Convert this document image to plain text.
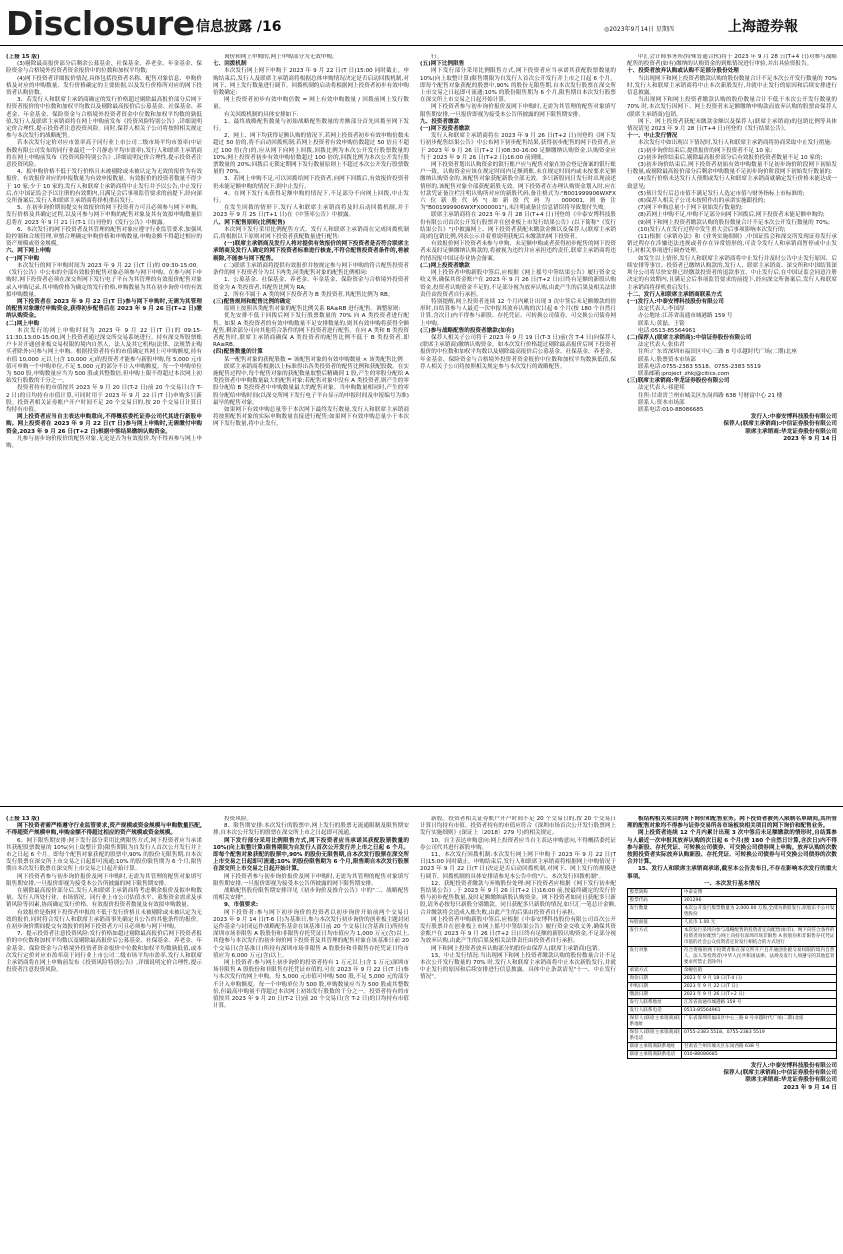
Disclosure 信息披露 /16	◎2023年9月14日 星期四	上海證券報

(上接 15 版)

(3)剔除最高报价部分后剩余公募基金、社保基金、养老金、年金基金、保险资金与合格境外投资者资金报价中的位数和加权平均数;

(4)网下投资者详细报价情况,具体包括投资者名称、配售对象信息、申购价格及对应的申购数量、发行价格确定的主要依据,以及发行价格所对应的网下投资者认购倍数。

3、若发行人和联席主承销商确定的发行价格超过剔除最高报价部分后网下投资者报价的中位数和加权平均数以及剔除最高报价后公募基金、社保基金、养老金、年金基金、保险资金与合格境外投资者资金中位数和加权平均数的孰低值,发行人及联席主承销商将在网上申购前发布《投资风险特别公告》,详细说明定价合理性,提示投资者注意投资风险。同时,保荐人相关子公司将按照相关规定参与本次发行的战略配售。

若本次发行定价对应市盈率高于同行业上市公司二级市场平均市盈率(中证指数有限公司发布的同行业最近一个月静态平均市盈率),发行人和联席主承销商将在网上申购前发布《投资风险特别公告》,详细说明定价合理性,提示投资者注意投资风险。

4、拟申购价格不低于发行价格且未被剔除或未被认定为无效的报价为有效报价。有效报价对应的申报数量为有效申报数量。有效报价的投资者数量不得少于 10 家;少于 10 家的,发行人和联席主承销商将中止发行并予以公告,中止发行后,在中国证监会予以注册的有效期内,且满足会后事项监管要求的前提下,经向深交所备案后,发行人和联席主承销商将择机重启发行。

5、在初步询价期间提交有效报价的网下投资者方可且必须参与网下申购。发行价格及其确定过程,以及可参与网下申购的配售对象及其有效拟申购数量信息将在 2023 年 9 月 21 日(T-1 日)刊登的《发行公告》中披露。

6、本次发行的网下投资者及其管理的配售对象应遵守行业监管要求,加强风险控制和合规管理,审慎合理确定申购价格和申购数量,申购金额不得超过相应的资产规模或资金规模。

六、网下网上申购

(一)网下申购

本次发行的网下申购时间为 2023 年 9 月 22 日(T 日)的 09:30-15:00。《发行公告》中公布的全部有效报价配售对象必须参与网下申购。在参与网下申购时,网下投资者必须在深交所网下发行电子平台为其管理的有效报价配售对象录入申购记录,其申购价格为确定的发行价格,申购数量为其在初步询价中的有效拟申购数量。

网下投资者在 2023 年 9 月 22 日(T 日)参与网下申购时,无需为其管理的配售对象缴付申购资金,获得初步配售后在 2023 年 9 月 26 日(T+2 日)缴纳认购资金。

(二)网上申购

本次发行的网上申购时间为 2023 年 9 月 22 日(T 日)的 09:15-11:30,13:00-15:00,网上投资者通过深交所交易系统进行。持有深交所股票账户卡并开通创业板交易权限的境内自然人、法人及其它机构(法律、法规禁止购买者除外)可参与网上申购。根据投资者持有的市值确定其网上可申购额度,持有市值 10,000 元以上(含 10,000 元)的投资者才能参与新股申购,每 5,000 元市值可申购一个申购单位,不足 5,000 元的部分不计入申购额度。每一个申购单位为 500 股,申购数量应当为 500 股或其整数倍,但申购上限不得超过本次网上初始发行股数的千分之一。

投资者持有的市值按其 2023 年 9 月 20 日(T-2 日)前 20 个交易日(含 T-2 日)的日均持有市值计算,可同时用于 2023 年 9 月 22 日(T 日)申购多只新股。投资者相关证券账户开户时间不足 20 个交易日的,按 20 个交易日计算日均持有市值。

网上投资者应当自主表达申购意向,不得概括委托证券公司代其进行新股申购。网上投资者在 2023 年 9 月 22 日(T 日)参与网上申购时,无需缴付申购资金,2023 年 9 月 26 日(T+2 日)根据中签结果缴纳认购资金。

凡参与初步询价报价的配售对象,无论是否为有效报价,均不得再参与网上申购。

询价和网上申购的,网上申购部分为无效申购。

七、回拨机制

本次发行网上网下申购于 2023 年 9 月 22 日(T 日)15:00 同时截止。申购结束后,发行人及联席主承销商将根据总体申购情况决定是否启动回拨机制,对网下、网上发行数量进行调节。回拨机制的启动将根据网上投资者初步有效申购倍数确定:

网上投资者初步有效申购倍数 = 网上有效申购数量 / 回拨前网上发行数量。

有关回拨机制的具体安排如下:

1、最终战略配售数量与初始战略配售数量的差额部分首先回拨至网下发行。

2、网上、网下均获得足额认购的情况下,若网上投资者初步有效申购倍数未超过 50 倍的,将不启动回拨机制;若网上投资者有效申购倍数超过 50 倍且不超过 100 倍(含)的,应从网下向网上回拨,回拨比例为本次公开发行股票数量的 10%;网上投资者初步有效申购倍数超过 100 倍的,回拨比例为本次公开发行股票数量的 20%;回拨后无锁定期网下发行数量原则上不超过本次公开发行股票数量的 70%。

3、若网上申购不足,可以回拨给网下投资者,向网下回拨后,有效报价投资者仍未能足额申购的情况下,则中止发行。

4、在网下发行未获得足额申购的情况下,不足部分不向网上回拨,中止发行。

在发生回拨的情形下,发行人和联席主承销商将及时启动回拨机制,并于 2023 年 9 月 25 日(T+1 日)在《中签率公告》中披露。

八、网下配售原则(比例配售)

本次网下发行采用比例配售方式。发行人和联席主承销商在完成回拨机制后,将根据以下原则对网下投资者获配数量进行配售:

(一)联席主承销商及发行人将对提供有效报价的网下投资者是否符合联席主承销商及发行人确定的网下投资者标准进行核查,不符合配售投资者条件的,将被剔除,不能参与网下配售。

(二)联席主承销商将提供有效报价并按规定参与网下申购的符合配售投资者条件的网下投资者分为以下两类,同类配售对象的配售比例相同:

1、公募基金、社保基金、养老金、年金基金、保险资金与合格境外投资者资金为 A 类投资者,其配售比例为 RA;

2、所有不属于 A 类的网下投资者为 B 类投资者,其配售比例为 RB。

(三)配售规则和配售比例的确定

原则上按照各类配售对象的配售比例关系 RA≥RB 进行配售。调整原则:

优先安排不低于回拨后网下发行股票数量的 70% 向 A 类投资者进行配售。如果 A 类投资者的有效申购数量不足安排数量的,则其有效申购将获得全额配售,剩余部分可向其他符合条件的网下投资者进行配售。在向 A 类和 B 类投资者配售时,联席主承销商确保 A 类投资者的配售比例不低于 B 类投资者,即 RA≥RB。

(四)配售数量的计算

某一配售对象的获配股数 = 该配售对象的有效申购数量 × 该类配售比例

联席主承销商将根据以上标准得出各类投资者的配售比例和获配股数。在实施配售过程中,每个配售对象的获配数量取整后精确到 1 股,产生的零股分配给 A 类投资者中申购数量最大的配售对象;若配售对象中没有 A 类投资者,则产生的零股分配给 B 类投资者中申购数量最大的配售对象。当申购数量相同时,产生的零股分配给申购时间(以深交所网下发行电子平台显示的申报时间及申报编号为准)最早的配售对象。

如果网下有效申购总量等于本次网下最终发行数量,发行人和联席主承销商将按照配售对象的实际申购数量直接进行配售;如果网下有效申购总量小于本次网下发行数量,将中止发行。

行。

(五)网下比例限售

网下发行部分采用比例限售方式,网下投资者应当承诺其获配股票数量的 10%(向上取整计算)限售期限为自发行人首次公开发行并上市之日起 6 个月。即每个配售对象获配的股票中,90% 的股份无限售期,自本次发行股票在深交所上市交易之日起即可流通;10% 的股份限售期为 6 个月,限售期自本次发行股票在深交所上市交易之日起开始计算。

网下投资者参与初步询价报价及网下申购时,无需为其管理的配售对象填写限售期安排,一旦报价即视为接受本公告所披露的网下限售期安排。

九、投资者缴款

(一)网下投资者缴款

发行人和联席主承销商将在 2023 年 9 月 26 日(T+2 日)刊登的《网下发行初步配售结果公告》中公布网下初步配售结果,获得初步配售的网下投资者,应于 2023 年 9 月 26 日(T+2 日)08:30-16:00 足额缴纳认购资金,认购资金应当于 2023 年 9 月 26 日(T+2 日)16:00 前到账。

网下投资者划出认购资金的银行账户应与配售对象在协会登记备案的银行账户一致。认购资金应该在规定时间内足额到账,未在规定时间内或未按要求足额缴纳认购资金的,该配售对象获配新股全部无效。多只新股同日发行时出现前述情形的,该配售对象全部获配新股无效。网下投资者在办理认购资金划入时,应在付款凭证备注栏注明认购所对应的新股代码,备注格式为:"B001999906WXFX 六位新股代码"(如新股代码为 000001,则备注为"B001999906WXFX000001"),未注明或备注信息错误将导致划付失败。

联席主承销商将在 2023 年 9 月 28 日(T+4 日)刊登的《中泰安博科技股份有限公司首次公开发行股票并在创业板上市发行结果公告》(以下简称"《发行结果公告》")中披露网上、网下投资者获配未缴款金额以及保荐人(联席主承销商)的包销比例,列表公示并着重说明获配后未缴款的网下投资者。

有效报价网下投资者未参与申购、未足额申购或者获得初步配售的网下投资者未及时足额缴纳认购款的,将被视为违约并应承担违约责任,联席主承销商将违约情况报中国证券业协会备案。

(二)网上投资者缴款

网上投资者申购新股中签后,应根据《网上摇号中签结果公告》履行资金交收义务,确保其资金账户在 2023 年 9 月 26 日(T+2 日)日终有足额的新股认购资金,投资者认购资金不足的,不足部分视为放弃认购,由此产生的后果及相关法律责任由投资者自行承担。

特别提醒,网上投资者连续 12 个月内累计出现 3 次中签后未足额缴款的情形时,自结算参与人最近一次申报其放弃认购的次日起 6 个月(按 180 个自然日计算,含次日)内不得参与新股、存托凭证、可转换公司债券、可交换公司债券网上申购。

(三)参与战略配售的投资者缴款(如有)

保荐人相关子公司将于 2023 年 9 月 19 日(T-3 日)前(含 T-4 日)向保荐人(联席主承销商)缴纳认购资金。如本次发行价格超过剔除最高报价后网下投资者报价的中位数和加权平均数以及剔除最高报价后公募基金、社保基金、养老金、年金基金、保险资金与合格境外投资者资金报价中位数和加权平均数孰低值,保荐人相关子公司将按照相关规定参与本次发行的战略配售。

中汇会计师事务所(特殊普通合伙)将于 2023 年 9 月 28 日(T+4 日)对参与战略配售的投资者(如有)缴纳的认购资金的到账情况进行审验,并出具验资报告。

十、投资者放弃认购或认购不足部分股份处理

当出现网下和网上投资者缴款认购的股份数量合计不足本次公开发行数量的 70% 时,发行人和联席主承销商将中止本次新股发行,并就中止发行的原因和后续安排进行信息披露。

当出现网下和网上投资者缴款认购的股份数量合计不低于本次公开发行数量的 70% 时,本次发行因网下、网上投资者未足额缴纳申购款而放弃认购的股票由保荐人(联席主承销商)包销。

网下、网上投资者获配未缴款金额以及保荐人(联席主承销商)的包销比例等具体情况请见 2023 年 9 月 28 日(T+4 日)刊登的《发行结果公告》。

十一、中止发行情况

本次发行中如出现以下情况时,发行人和联席主承销商将协商采取中止发行措施:

(1)初步询价结束后,提供报价的网下投资者不足 10 家;

(2)初步询价结束后,剔除最高报价部分后有效报价投资者数量不足 10 家的;

(3)初步询价结束后,网下投资者初始有效申购数量不足初步询价阶段网下初始发行数量,或剔除最高报价部分后剩余申购数量不足初步询价阶段网下初始发行数量的;

(4)发行价格未达发行人预期或发行人和联席主承销商就确定发行价格未能达成一致意见;

(5)预计发行后总市值不满足发行人选定市值与财务指标上市标准的;

(6)保荐人相关子公司未按照作出的承诺实施跟投的;

(7)网下申购总量小于网下初始发行数量的;

(8)若网上申购不足,申购不足部分向网下回拨后,网下投资者未能足额申购的;

(9)网下和网上投资者缴款认购的股份数量合计不足本次公开发行数量的 70%;

(10)发行人在发行过程中发生重大会后事项影响本次发行的;

(11)根据《承销办法》和《业务实施细则》,中国证监会和深交所发现证券发行承销过程存在涉嫌违法违规或者存在异常情形的,可责令发行人和承销商暂停或中止发行,对相关事项进行调查处理。

如发生以上情形,发行人和联席主承销商将中止发行并及时公告中止发行原因、后续安排等事宜。投资者已缴纳认购款的,发行人、联席主承销商、深交所和中国结算深圳分公司将尽快安排已经缴款投资者的退款事宜。中止发行后,在中国证监会同意注册决定的有效期内,且满足会后事项监管要求的前提下,经向深交所备案后,发行人和联席主承销商将择机重启发行。

十二、发行人和联席主承销商联系方式

(一)发行人:中泰安博科技股份有限公司

法定代表人:李国厚

办公地址:江苏省南通市城港路 159 号

联系人:黄磊、王铭

电话:0513-85564961

(二)保荐人(联席主承销商):中信证券股份有限公司

法定代表人:张佑君

住所:广东省深圳市福田区中心三路 8 号卓越时代广场(二期)北座

联系人:股票资本市场部

联系电话:0755-2383 5518、0755-2383 5519

联系邮箱:project_zhkj@citics.com

(三)联席主承销商:华龙证券股份有限公司

法定代表人:祁建邦

住所:甘肃省兰州市城关区东岗西路 638 号财富中心 21 楼

联系人:资本市场部

联系电话:010-88086685

发行人:中泰安博科技股份有限公司

保荐人(联席主承销商):中信证券股份有限公司

联席主承销商:华龙证券股份有限公司

2023 年 9 月 14 日

(上接 13 版)

网下投资者需严格遵守行业监管要求,资产规模或资金规模与申购数量匹配,不得超资产规模申购,申购金额不得超过相应的资产规模或资金规模。

6、网下限售期安排:网下发行部分采用比例限售方式,网下投资者应当承诺其获配股票数量的 10%(向上取整计算)限售期限为自发行人首次公开发行并上市之日起 6 个月。即每个配售对象获配的股票中,90% 的股份无限售期,自本次发行股票在深交所上市交易之日起即可流通;10% 的股份限售期为 6 个月,限售期自本次发行股票在深交所上市交易之日起开始计算。

网下投资者参与初步询价报价及网下申购时,无需为其管理的配售对象填写限售期安排,一旦报价即视为接受本公告所披露的网下限售期安排。

在剔除最高报价部分后,发行人和联席主承销商将考虑剩余报价及拟申购数量、发行人所处行业、市场情况、同行业上市公司估值水平、募集资金需求及承销风险等因素,协商确定发行价格、有效报价投资者数量及有效拟申购数量。

有效报价是指网下投资者申报的不低于发行价格且未被剔除或未被认定为无效的报价,同时符合发行人和联席主承销商事先确定且公告的其他条件的报价。在初步询价期间提交有效报价的网下投资者方可且必须参与网下申购。

7、提示投资者注意投资风险:发行价格如超过剔除最高报价后网下投资者报价的中位数和加权平均数以及剔除最高报价后公募基金、社保基金、养老金、年金基金、保险资金与合格境外投资者资金报价中位数和加权平均数孰低值,或本次发行定价对应市盈率高于同行业上市公司二级市场平均市盈率,发行人和联席主承销商将在网上申购前发布《投资风险特别公告》,详细说明定价合理性,提示投资者注意投资风险。

投资风险。

8、限售期安排:本次发行的股票中,网上发行的股票无流通限制及限售期安排,自本次公开发行的股票在深交所上市之日起即可流通。

网下发行部分采用比例限售方式,网下投资者应当承诺其获配股票数量的 10%(向上取整计算)限售期限为自发行人首次公开发行并上市之日起 6 个月。即每个配售对象获配的股票中,90% 的股份无限售期,自本次发行股票在深交所上市交易之日起即可流通;10% 的股份限售期为 6 个月,限售期自本次发行股票在深交所上市交易之日起开始计算。

网下投资者参与初步询价报价及网下申购时,无需为其管理的配售对象填写限售期安排,一旦报价即视为接受本公告所披露的网下限售期安排。

战略配售股份限售期安排详见《初步询价及推介公告》中的"二、战略配售的相关安排"。

9、市值要求:

网下投资者:参与网下初步询价的投资者以初步询价开始前两个交易日 2023 年 9 月 14 日(T-6 日)为基准日,参与本次发行初步询价的创业板主题封闭运作基金与封闭运作战略配售基金在该基准日前 20 个交易日(含基准日)所持有深圳市场非限售 A 股股份和非限售存托凭证日均市值应为 1,000 万元(含)以上,其他参与本次发行的初步询价网下投资者及其管理的配售对象在该基准日前 20 个交易日(含基准日)所持有深圳市场非限售 A 股股份和非限售存托凭证日均市值应为 6,000 万元(含)以上。

网上投资者:参与网上初步询价的投资者持有 1 万元以上(含 1 万元)深圳市场非限售 A 股股份和非限售存托凭证市值的,可在 2023 年 9 月 22 日(T 日)参与本次发行的网上申购。每 5,000 元市值可申购 500 股,不足 5,000 元的部分不计入申购额度。每一个申购单位为 500 股,申购数量应当为 500 股或其整数倍,但最高申购量不得超过本次网上初始发行股数的千分之一。投资者持有的市值按其 2023 年 9 月 20 日(T-2 日)前 20 个交易日(含 T-2 日)的日均持有市值计算。

新股。投资者相关证券账户开户时间不足 20 个交易日的,按 20 个交易日计算日均持有市值。投资者持有的市值应符合《深圳市场首次公开发行股票网上发行实施细则》(深证上〔2018〕279 号)的相关规定。

10、自主表达申购意向:网上投资者应当自主表达申购意向,不得概括委托证券公司代其进行新股申购。

11、本次发行回拨机制:本次发行网上网下申购于 2023 年 9 月 22 日(T 日)15:00 同时截止。申购结束后,发行人和联席主承销商将根据网上申购情况于 2023 年 9 月 22 日(T 日)决定是否启动回拨机制,对网下、网上发行的规模进行调节。回拨机制的具体安排请参见本公告中的"六、本次发行回拨机制"。

12、获配投资者缴款与弃购股份处理:网下投资者应根据《网下发行初步配售结果公告》,于 2023 年 9 月 26 日(T+2 日)16:00 前,按最终确定的发行价格与初步配售数量,及时足额缴纳新股认购资金。网下投资者如同日获配多只新股,请务必按每只新股分别缴款。同日获配多只新股的情况,如只汇一笔总计金额,合并缴款将会造成入账失败,由此产生的后果由投资者自行承担。

网上投资者申购新股中签后,应根据《中泰安博科技股份有限公司首次公开发行股票并在创业板上市网上摇号中签结果公告》履行资金交收义务,确保其资金账户在 2023 年 9 月 26 日(T+2 日)日终有足额的新股认购资金,不足部分视为放弃认购,由此产生的后果及相关法律责任由投资者自行承担。

网下和网上投资者放弃认购部分的股份由保荐人(联席主承销商)包销。

13、中止发行情况:当出现网下和网上投资者缴款认购的股份数量合计不足本次公开发行数量的 70% 时,发行人和联席主承销商将中止本次新股发行,并就中止发行的原因和后续安排进行信息披露。具体中止条款请见"十一、中止发行情况"。

板结构相关项目的网下询价和配售业务。网下投资者被列入限制名单期间,其所管理的配售对象均不得参与证券交易所各市场板块相关项目的网下询价和配售业务。

网上投资者连续 12 个月内累计出现 3 次中签后未足额缴款的情形时,自结算参与人最近一次申报其放弃认购的次日起 6 个月(按 180 个自然日计算,含次日)内不得参与新股、存托凭证、可转换公司债券、可交换公司债券网上申购。放弃认购的次数按照投资者实际放弃认购新股、存托凭证、可转换公司债券与可交换公司债券的次数合并计算。

15、发行人和联席主承销商承诺,截至本公告发布日,不存在影响本次发行的重大事项。

一、本次发行基本情况

股票简称	中泰安博
股票代码	301296
发行数量	本次公开发行股票数量为 2,000.00 万股,全部为新股发行,原股东不公开发售股份
每股面值	人民币 1.00 元
发行方式	本次发行采用向参与战略配售的投资者定向配售(如有)、网下向符合条件的投资者询价配售与网上向持有深圳市场非限售 A 股股份和非限售存托凭证市值的社会公众投资者定价发行相结合的方式进行
发行对象	符合资格的网下投资者和在深交所开户且开通创业板交易权限的境内自然人、法人等投资者(中华人民共和国法律、法规及发行人须遵守的其他监管要求所禁止者除外)
承销方式	余额包销
询价日期	2023 年 9 月 18 日(T-4 日)
申购日期	2023 年 9 月 22 日(T 日)
缴款日期	2023 年 9 月 26 日(T+2 日)
发行人联系地址	江苏省南通市城港路 159 号
发行人联系电话	0513-85564961
保荐人(联席主承销商)联系地址	广东省深圳市福田区中心三路 8 号卓越时代广场(二期)北座
保荐人(联席主承销商)联系电话	0755-2383 5518、0755-2383 5519
联席主承销商联系地址	甘肃省兰州市城关区东岗西路 638 号
联席主承销商联系电话	010-88086685

发行人:中泰安博科技股份有限公司

保荐人(联席主承销商):中信证券股份有限公司

联席主承销商:华龙证券股份有限公司

2023 年 9 月 14 日
